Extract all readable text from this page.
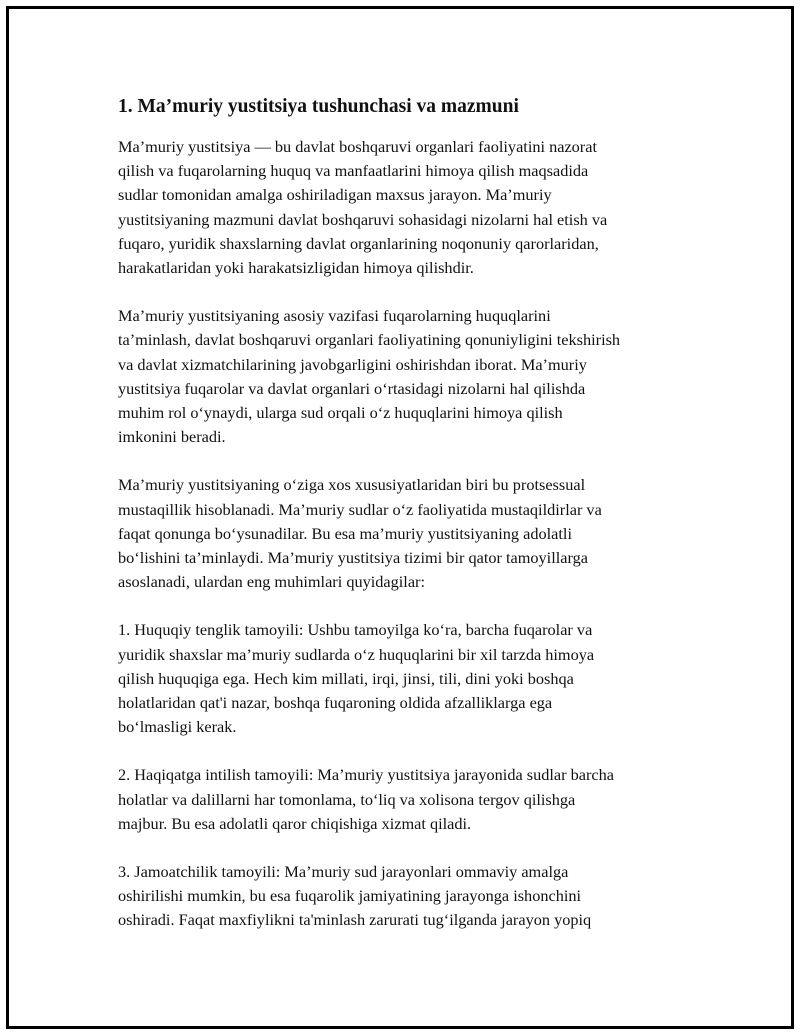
1. Ma’muriy yustitsiya tushunchasi va mazmuni
Ma’muriy yustitsiya — bu davlat boshqaruvi organlari faoliyatini nazorat
qilish va fuqarolarning huquq va manfaatlarini himoya qilish maqsadida
sudlar tomonidan amalga oshiriladigan maxsus jarayon. Ma’muriy
yustitsiyaning mazmuni davlat boshqaruvi sohasidagi nizolarni hal etish va
fuqaro, yuridik shaxslarning davlat organlarining noqonuniy qarorlaridan,
harakatlaridan yoki harakatsizligidan himoya qilishdir.
Ma’muriy yustitsiyaning asosiy vazifasi fuqarolarning huquqlarini
ta’minlash, davlat boshqaruvi organlari faoliyatining qonuniyligini tekshirish
va davlat xizmatchilarining javobgarligini oshirishdan iborat. Ma’muriy
yustitsiya fuqarolar va davlat organlari o‘rtasidagi nizolarni hal qilishda
muhim rol o‘ynaydi, ularga sud orqali o‘z huquqlarini himoya qilish
imkonini beradi.
Ma’muriy yustitsiyaning o‘ziga xos xususiyatlaridan biri bu protsessual
mustaqillik hisoblanadi. Ma’muriy sudlar o‘z faoliyatida mustaqildirlar va
faqat qonunga bo‘ysunadilar. Bu esa ma’muriy yustitsiyaning adolatli
bo‘lishini ta’minlaydi. Ma’muriy yustitsiya tizimi bir qator tamoyillarga
asoslanadi, ulardan eng muhimlari quyidagilar:
1. Huquqiy tenglik tamoyili: Ushbu tamoyilga ko‘ra, barcha fuqarolar va
yuridik shaxslar ma’muriy sudlarda o‘z huquqlarini bir xil tarzda himoya
qilish huquqiga ega. Hech kim millati, irqi, jinsi, tili, dini yoki boshqa
holatlaridan qat'i nazar, boshqa fuqaroning oldida afzalliklarga ega
bo‘lmasligi kerak.
2. Haqiqatga intilish tamoyili: Ma’muriy yustitsiya jarayonida sudlar barcha
holatlar va dalillarni har tomonlama, to‘liq va xolisona tergov qilishga
majbur. Bu esa adolatli qaror chiqishiga xizmat qiladi.
3. Jamoatchilik tamoyili: Ma’muriy sud jarayonlari ommaviy amalga
oshirilishi mumkin, bu esa fuqarolik jamiyatining jarayonga ishonchini
oshiradi. Faqat maxfiylikni ta'minlash zarurati tug‘ilganda jarayon yopiq
